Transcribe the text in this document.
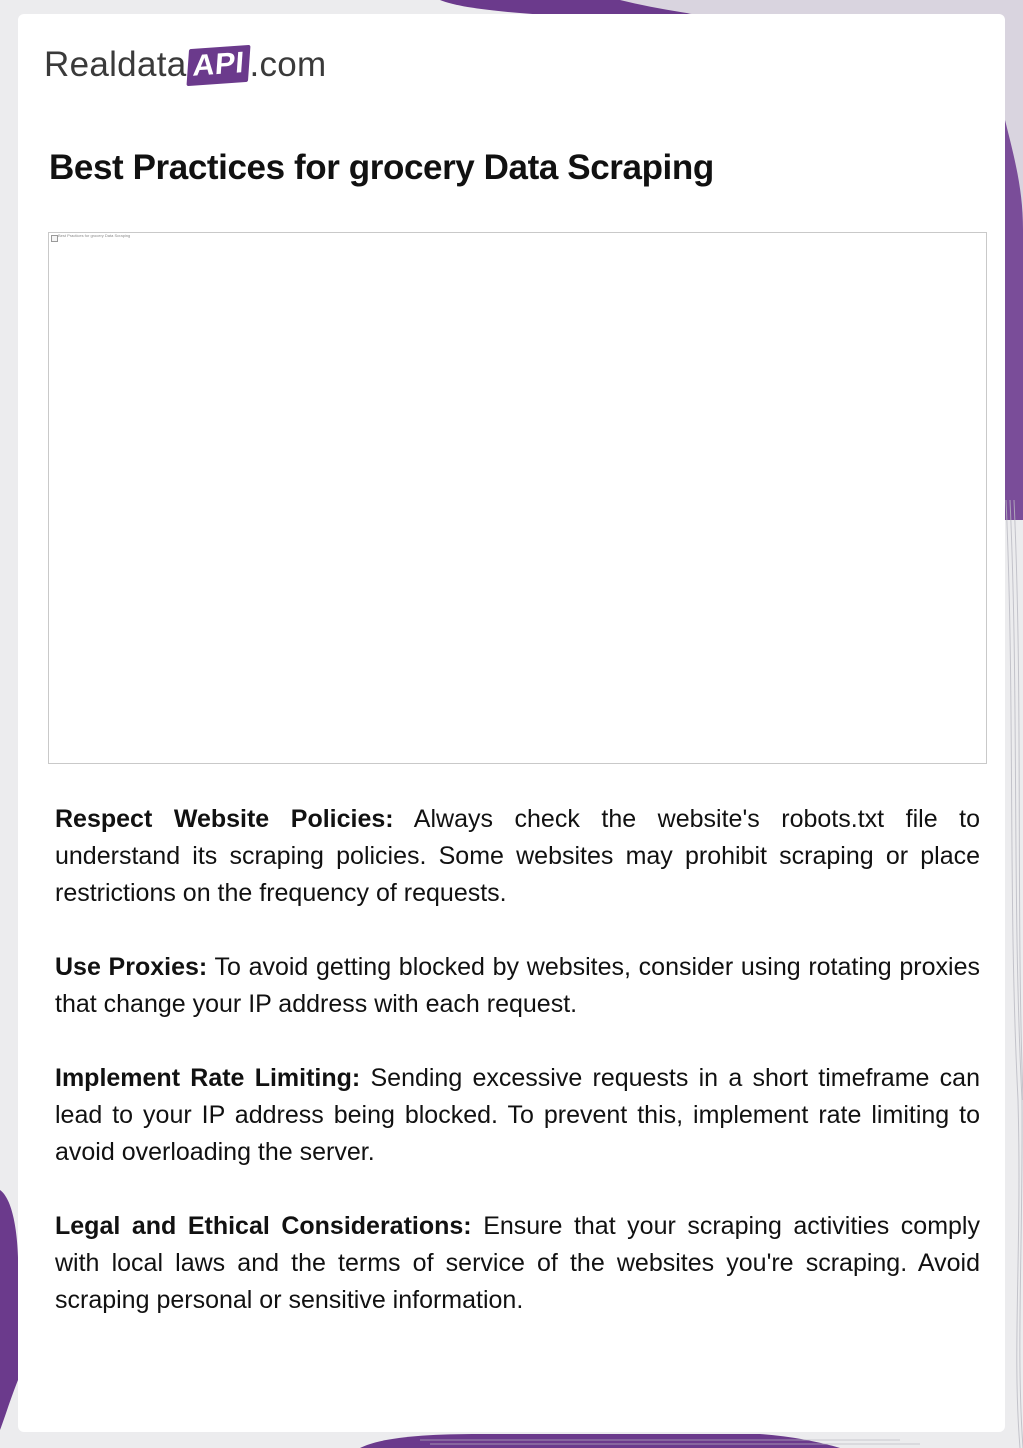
Realdata API .com
Best Practices for grocery Data Scraping
Best Practices for grocery Data Scraping

Respect Website Policies: Always check the website's robots.txt file to understand its scraping policies. Some websites may prohibit scraping or place restrictions on the frequency of requests.

Use Proxies: To avoid getting blocked by websites, consider using rotating proxies that change your IP address with each request.

Implement Rate Limiting: Sending excessive requests in a short timeframe can lead to your IP address being blocked. To prevent this, implement rate limiting to avoid overloading the server.

Legal and Ethical Considerations: Ensure that your scraping activities comply with local laws and the terms of service of the websites you're scraping. Avoid scraping personal or sensitive information.
